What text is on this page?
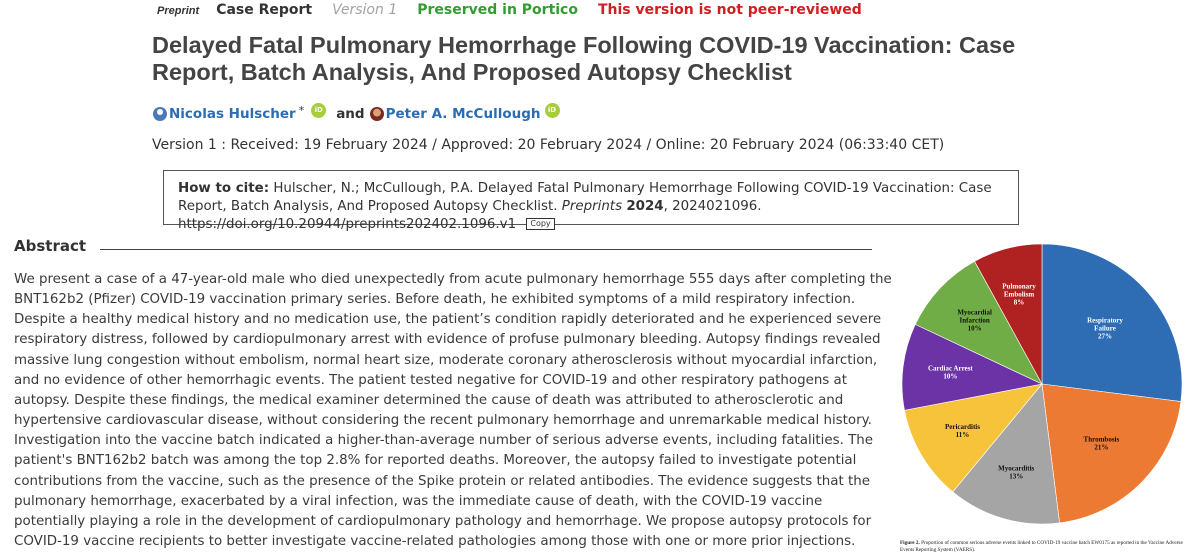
Preprint Case Report Version 1 Preserved in Portico This version is not peer-reviewed
Delayed Fatal Pulmonary Hemorrhage Following COVID-19 Vaccination: Case Report, Batch Analysis, And Proposed Autopsy Checklist
Nicolas Hulscher *	iD and Peter A. McCullough	iD
Version 1 : Received: 19 February 2024 / Approved: 20 February 2024 / Online: 20 February 2024 (06:33:40 CET)
How to cite: Hulscher, N.; McCullough, P.A. Delayed Fatal Pulmonary Hemorrhage Following COVID-19 Vaccination: Case Report, Batch Analysis, And Proposed Autopsy Checklist. Preprints 2024, 2024021096. https://doi.org/10.20944/preprints202402.1096.v1 Copy
Abstract

We present a case of a 47-year-old male who died unexpectedly from acute pulmonary hemorrhage 555 days after completing the BNT162b2 (Pfizer) COVID-19 vaccination primary series. Before death, he exhibited symptoms of a mild respiratory infection. Despite a healthy medical history and no medication use, the patient’s condition rapidly deteriorated and he experienced severe respiratory distress, followed by cardiopulmonary arrest with evidence of profuse pulmonary bleeding. Autopsy findings revealed massive lung congestion without embolism, normal heart size, moderate coronary atherosclerosis without myocardial infarction, and no evidence of other hemorrhagic events. The patient tested negative for COVID-19 and other respiratory pathogens at autopsy. Despite these findings, the medical examiner determined the cause of death was attributed to atherosclerotic and hypertensive cardiovascular disease, without considering the recent pulmonary hemorrhage and unremarkable medical history. Investigation into the vaccine batch indicated a higher-than-average number of serious adverse events, including fatalities. The patient's BNT162b2 batch was among the top 2.8% for reported deaths. Moreover, the autopsy failed to investigate potential contributions from the vaccine, such as the presence of the Spike protein or related antibodies. The evidence suggests that the pulmonary hemorrhage, exacerbated by a viral infection, was the immediate cause of death, with the COVID-19 vaccine potentially playing a role in the development of cardiopulmonary pathology and hemorrhage. We propose autopsy protocols for COVID-19 vaccine recipients to better investigate vaccine-related pathologies among those with one or more prior injections.

Respiratory
Failure
27%
Thrombosis
21%
Myocarditis
13%
Pericarditis
11%
Cardiac Arrest
10%
Myocardial
Infarction
10%
Pulmonary
Embolism
8%

Figure 2. Proportion of common serious adverse events linked to COVID-19 vaccine batch EW0175 as reported in the Vaccine Adverse Events Reporting System (VAERS).
